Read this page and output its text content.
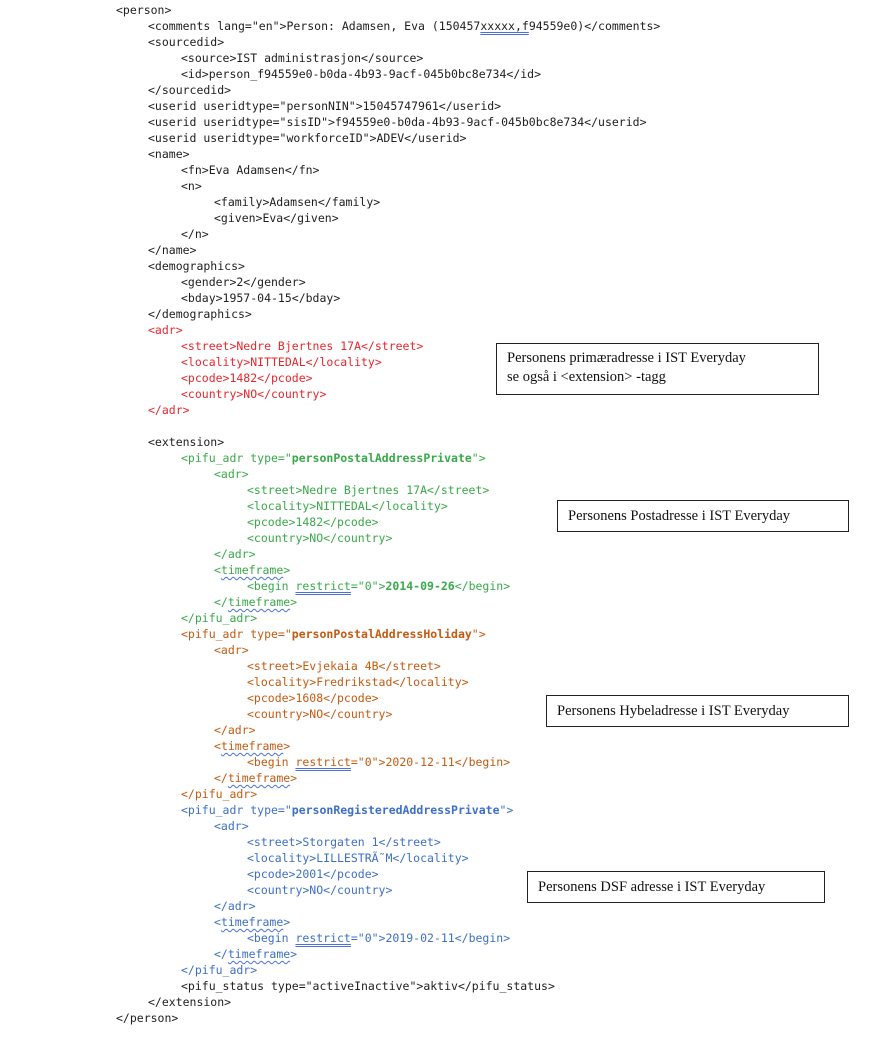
<person>
<comments lang="en">Person: Adamsen, Eva (150457xxxxx,f94559e0)</comments>
<sourcedid>
<source>IST administrasjon</source>
<id>person_f94559e0-b0da-4b93-9acf-045b0bc8e734</id>
</sourcedid>
<userid useridtype="personNIN">15045747961</userid>
<userid useridtype="sisID">f94559e0-b0da-4b93-9acf-045b0bc8e734</userid>
<userid useridtype="workforceID">ADEV</userid>
<name>
<fn>Eva Adamsen</fn>
<n>
<family>Adamsen</family>
<given>Eva</given>
</n>
</name>
<demographics>
<gender>2</gender>
<bday>1957-04-15</bday>
</demographics>
<adr>
<street>Nedre Bjertnes 17A</street>
<locality>NITTEDAL</locality>
<pcode>1482</pcode>
<country>NO</country>
</adr>
<extension>
<pifu_adr type="personPostalAddressPrivate">
<adr>
<street>Nedre Bjertnes 17A</street>
<locality>NITTEDAL</locality>
<pcode>1482</pcode>
<country>NO</country>
</adr>
<timeframe>
<begin restrict="0">2014-09-26</begin>
</timeframe>
</pifu_adr>
<pifu_adr type="personPostalAddressHoliday">
<adr>
<street>Evjekaia 4B</street>
<locality>Fredrikstad</locality>
<pcode>1608</pcode>
<country>NO</country>
</adr>
<timeframe>
<begin restrict="0">2020-12-11</begin>
</timeframe>
</pifu_adr>
<pifu_adr type="personRegisteredAddressPrivate">
<adr>
<street>Storgaten 1</street>
<locality>LILLESTRÃ˜M</locality>
<pcode>2001</pcode>
<country>NO</country>
</adr>
<timeframe>
<begin restrict="0">2019-02-11</begin>
</timeframe>
</pifu_adr>
<pifu_status type="activeInactive">aktiv</pifu_status>
</extension>
</person>
Personens primæradresse i IST Everyday
se også i <extension> -tagg
Personens Postadresse i IST Everyday
Personens Hybeladresse i IST Everyday
Personens DSF adresse i IST Everyday
